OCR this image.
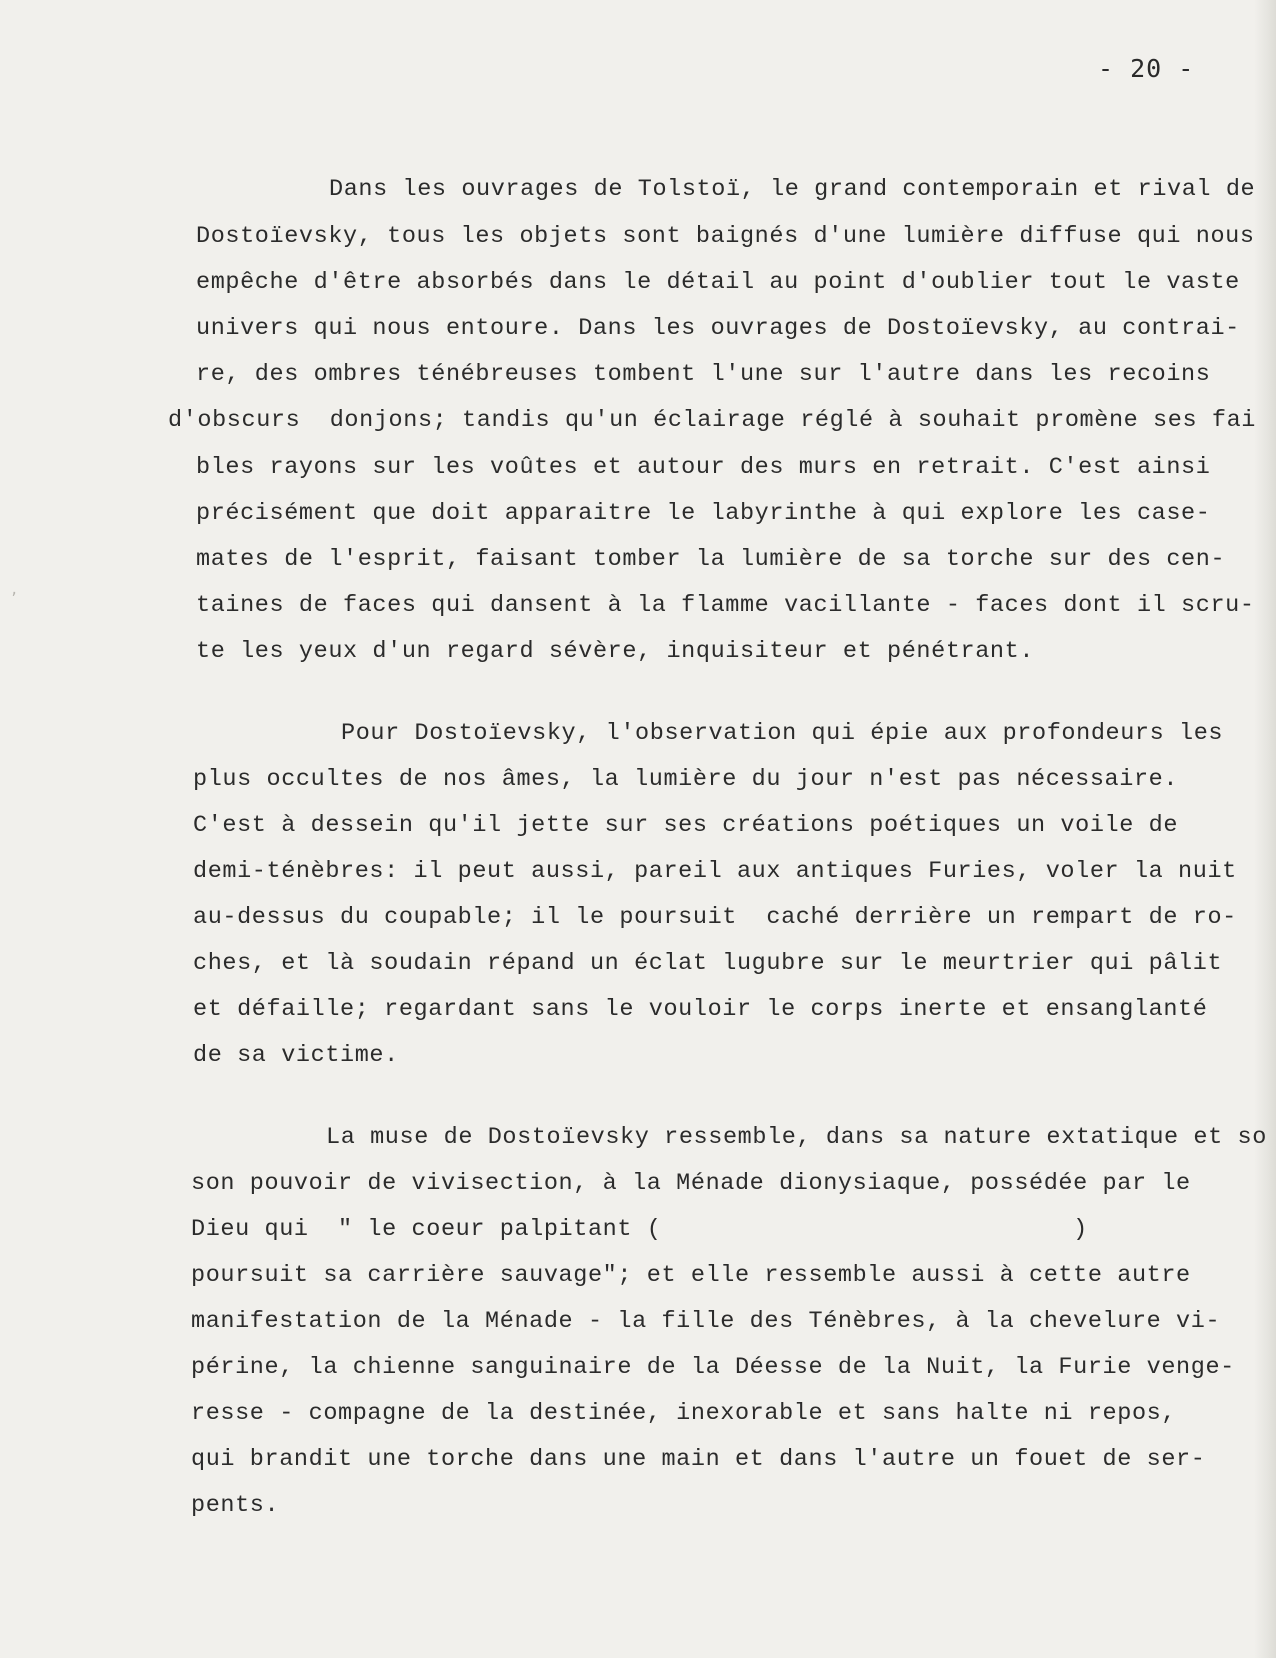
- 20 -
,
Dans les ouvrages de Tolstoï, le grand contemporain et rival de
Dostoïevsky, tous les objets sont baignés d'une lumière diffuse qui nous
empêche d'être absorbés dans le détail au point d'oublier tout le vaste
univers qui nous entoure. Dans les ouvrages de Dostoïevsky, au contrai-
re, des ombres ténébreuses tombent l'une sur l'autre dans les recoins
d'obscurs  donjons; tandis qu'un éclairage réglé à souhait promène ses fai
bles rayons sur les voûtes et autour des murs en retrait. C'est ainsi
précisément que doit apparaitre le labyrinthe à qui explore les case-
mates de l'esprit, faisant tomber la lumière de sa torche sur des cen-
taines de faces qui dansent à la flamme vacillante - faces dont il scru-
te les yeux d'un regard sévère, inquisiteur et pénétrant.
Pour Dostoïevsky, l'observation qui épie aux profondeurs les
plus occultes de nos âmes, la lumière du jour n'est pas nécessaire.
C'est à dessein qu'il jette sur ses créations poétiques un voile de
demi-ténèbres: il peut aussi, pareil aux antiques Furies, voler la nuit
au-dessus du coupable; il le poursuit  caché derrière un rempart de ro-
ches, et là soudain répand un éclat lugubre sur le meurtrier qui pâlit
et défaille; regardant sans le vouloir le corps inerte et ensanglanté
de sa victime.
La muse de Dostoïevsky ressemble, dans sa nature extatique et so
son pouvoir de vivisection, à la Ménade dionysiaque, possédée par le
Dieu qui  " le coeur palpitant (                            )
poursuit sa carrière sauvage"; et elle ressemble aussi à cette autre
manifestation de la Ménade - la fille des Ténèbres, à la chevelure vi-
périne, la chienne sanguinaire de la Déesse de la Nuit, la Furie venge-
resse - compagne de la destinée, inexorable et sans halte ni repos,
qui brandit une torche dans une main et dans l'autre un fouet de ser-
pents.
